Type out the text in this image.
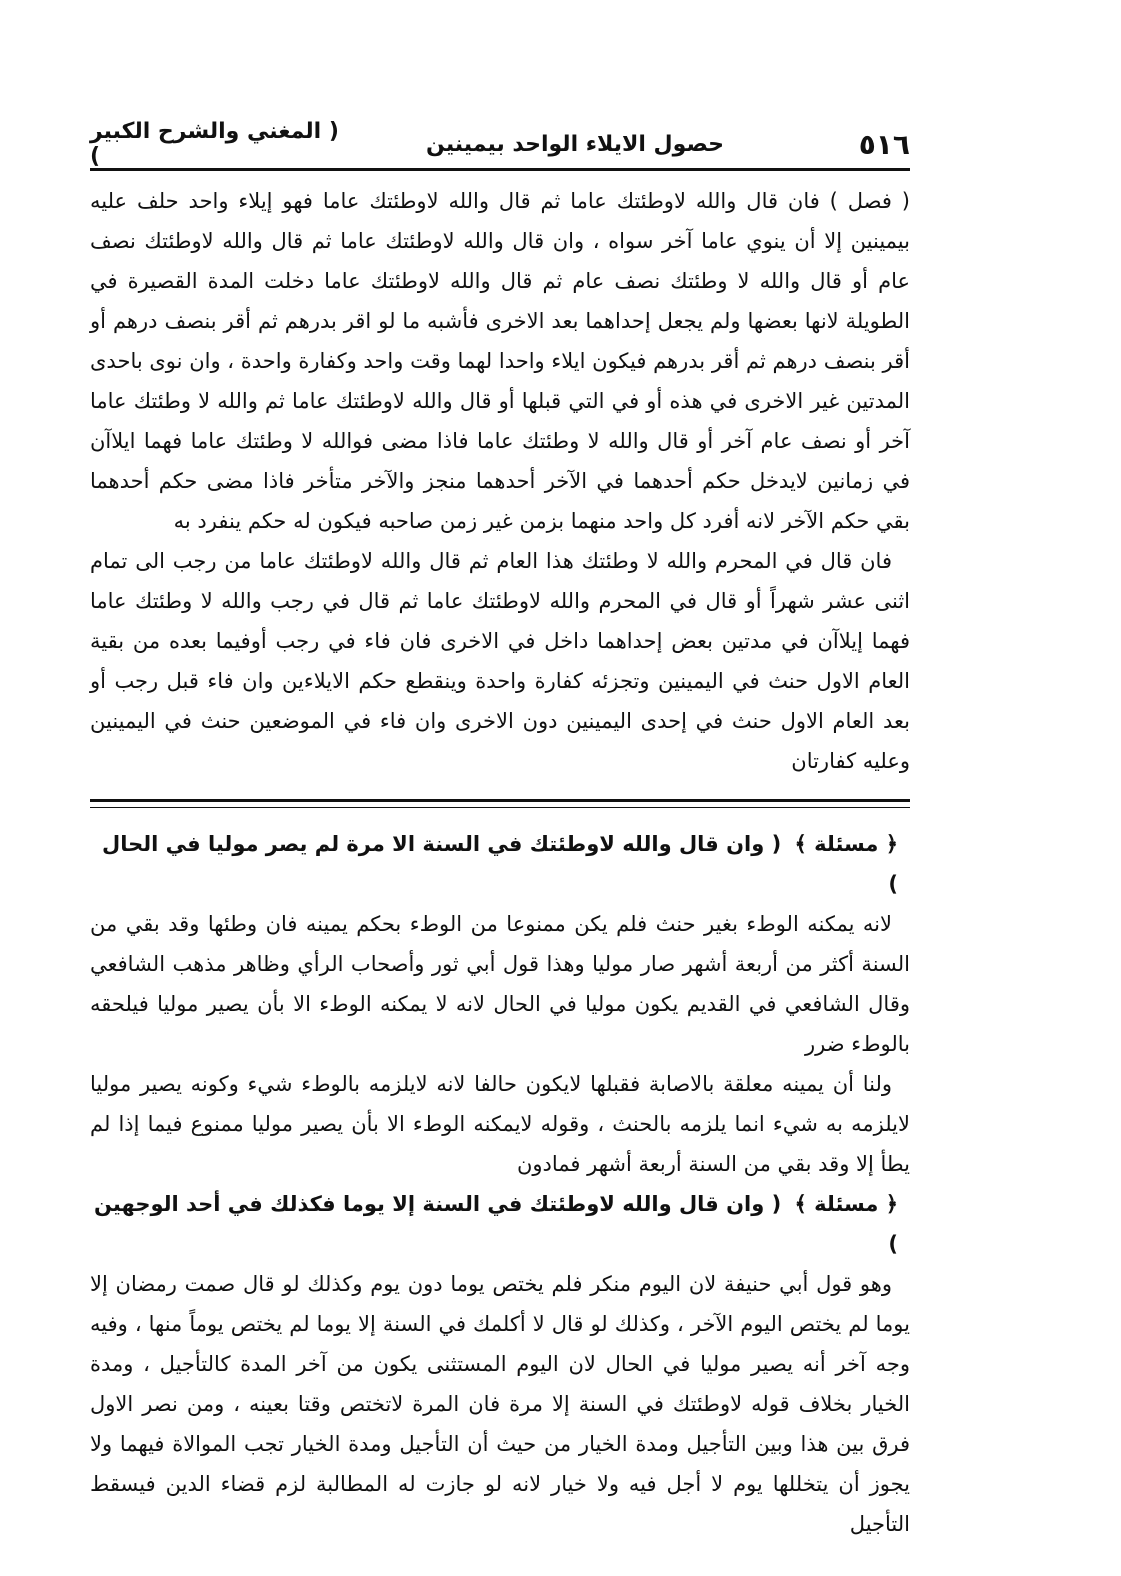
٥١٦
حصول الايلاء الواحد بيمينين
( المغني والشرح الكبير )

( فصل ) فان قال والله لاوطئتك عاما ثم قال والله لاوطئتك عاما فهو إيلاء واحد حلف عليه بيمينين إلا أن ينوي عاما آخر سواه ، وان قال والله لاوطئتك عاما ثم قال والله لاوطئتك نصف عام أو قال والله لا وطئتك نصف عام ثم قال والله لاوطئتك عاما دخلت المدة القصيرة في الطويلة لانها بعضها ولم يجعل إحداهما بعد الاخرى فأشبه ما لو اقر بدرهم ثم أقر بنصف درهم أو أقر بنصف درهم ثم أقر بدرهم فيكون ايلاء واحدا لهما وقت واحد وكفارة واحدة ، وان نوى باحدى المدتين غير الاخرى في هذه أو في التي قبلها أو قال والله لاوطئتك عاما ثم والله لا وطئتك عاما آخر أو نصف عام آخر أو قال والله لا وطئتك عاما فاذا مضى فوالله لا وطئتك عاما فهما ايلاآن في زمانين لايدخل حكم أحدهما في الآخر أحدهما منجز والآخر متأخر فاذا مضى حكم أحدهما بقي حكم الآخر لانه أفرد كل واحد منهما بزمن غير زمن صاحبه فيكون له حكم ينفرد به

فان قال في المحرم والله لا وطئتك هذا العام ثم قال والله لاوطئتك عاما من رجب الى تمام اثنى عشر شهراً أو قال في المحرم والله لاوطئتك عاما ثم قال في رجب والله لا وطئتك عاما فهما إيلاآن في مدتين بعض إحداهما داخل في الاخرى فان فاء في رجب أوفيما بعده من بقية العام الاول حنث في اليمينين وتجزئه كفارة واحدة وينقطع حكم الايلاءين وان فاء قبل رجب أو بعد العام الاول حنث في إحدى اليمينين دون الاخرى وان فاء في الموضعين حنث في اليمينين وعليه كفارتان

﴿ مسئلة ﴾ ( وان قال والله لاوطئتك في السنة الا مرة لم يصر موليا في الحال )

لانه يمكنه الوطء بغير حنث فلم يكن ممنوعا من الوطء بحكم يمينه فان وطئها وقد بقي من السنة أكثر من أربعة أشهر صار موليا وهذا قول أبي ثور وأصحاب الرأي وظاهر مذهب الشافعي وقال الشافعي في القديم يكون موليا في الحال لانه لا يمكنه الوطء الا بأن يصير موليا فيلحقه بالوطء ضرر

ولنا أن يمينه معلقة بالاصابة فقبلها لايكون حالفا لانه لايلزمه بالوطء شيء وكونه يصير موليا لايلزمه به شيء انما يلزمه بالحنث ، وقوله لايمكنه الوطء الا بأن يصير موليا ممنوع فيما إذا لم يطأ إلا وقد بقي من السنة أربعة أشهر فمادون

﴿ مسئلة ﴾ ( وان قال والله لاوطئتك في السنة إلا يوما فكذلك في أحد الوجهين )

وهو قول أبي حنيفة لان اليوم منكر فلم يختص يوما دون يوم وكذلك لو قال صمت رمضان إلا يوما لم يختص اليوم الآخر ، وكذلك لو قال لا أكلمك في السنة إلا يوما لم يختص يوماً منها ، وفيه وجه آخر أنه يصير موليا في الحال لان اليوم المستثنى يكون من آخر المدة كالتأجيل ، ومدة الخيار بخلاف قوله لاوطئتك في السنة إلا مرة فان المرة لاتختص وقتا بعينه ، ومن نصر الاول فرق بين هذا وبين التأجيل ومدة الخيار من حيث أن التأجيل ومدة الخيار تجب الموالاة فيهما ولا يجوز أن يتخللها يوم لا أجل فيه ولا خيار لانه لو جازت له المطالبة لزم قضاء الدين فيسقط التأجيل
